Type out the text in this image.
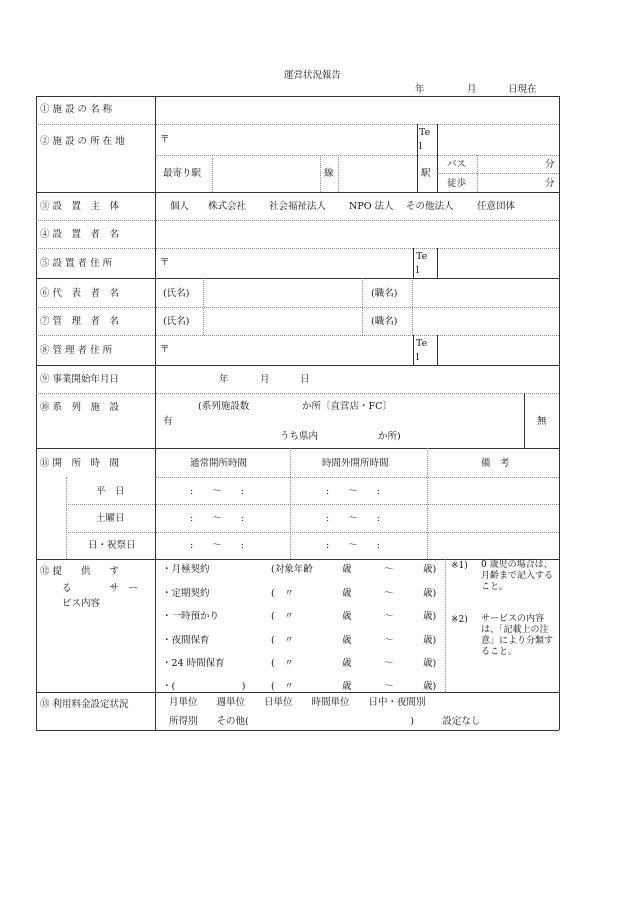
運営状況報告
年	月	日現在
① 施 設 の 名 称
② 施 設 の 所 在 地	〒
Te
l
最寄り駅	線	駅
バス	分
徒歩	分
③ 設　置　主　体	個人 株式会社 社会福祉法人 NPO 法人 その他法人 任意団体
④ 設　置　者　名
⑤ 設 置 者 住 所	〒
Te
l
⑥ 代　表　者　名	(氏名)	(職名)
⑦ 管　理　者　名	(氏名)	(職名)
⑧ 管 理 者 住 所	〒
Te
l
⑨ 事業開始年月日	年	月	日
⑩ 系　列　施　設	(系列施設数	か所〔直営店・FC〕
有
うち県内	か所)
無
⑪ 開　所　時　間	通常開所時間	時間外開所時間	備　考
平　日	:　　〜　　:	:　　〜　　:
土曜日	:　　〜　　:	:　　〜　　:
日・祝祭日	:　　〜　　:	:　　〜　　:
⑫ 提　　供　　す
る　　　　サ　ー
ビス内容
・月極契約	(対象年齢	歳	〜	歳)
・定期契約	(　〃	歳	〜	歳)
・一時預かり	(　〃	歳	〜	歳)
・夜間保育	(　〃	歳	〜	歳)
・24 時間保育	(　〃	歳	〜	歳)
・(　　　　　　　)	(　〃	歳	〜	歳)
※1) 0 歳児の場合は、月齢まで記入すること。
※2) サービスの内容は、「記載上の注意」により分類すること。
⑬ 利用料金設定状況	月単位　　週単位　　日単位　　時間単位　　日中・夜間別
所得別　　その他(　　　　　　　　　　　　　　　　　)　　　設定なし
